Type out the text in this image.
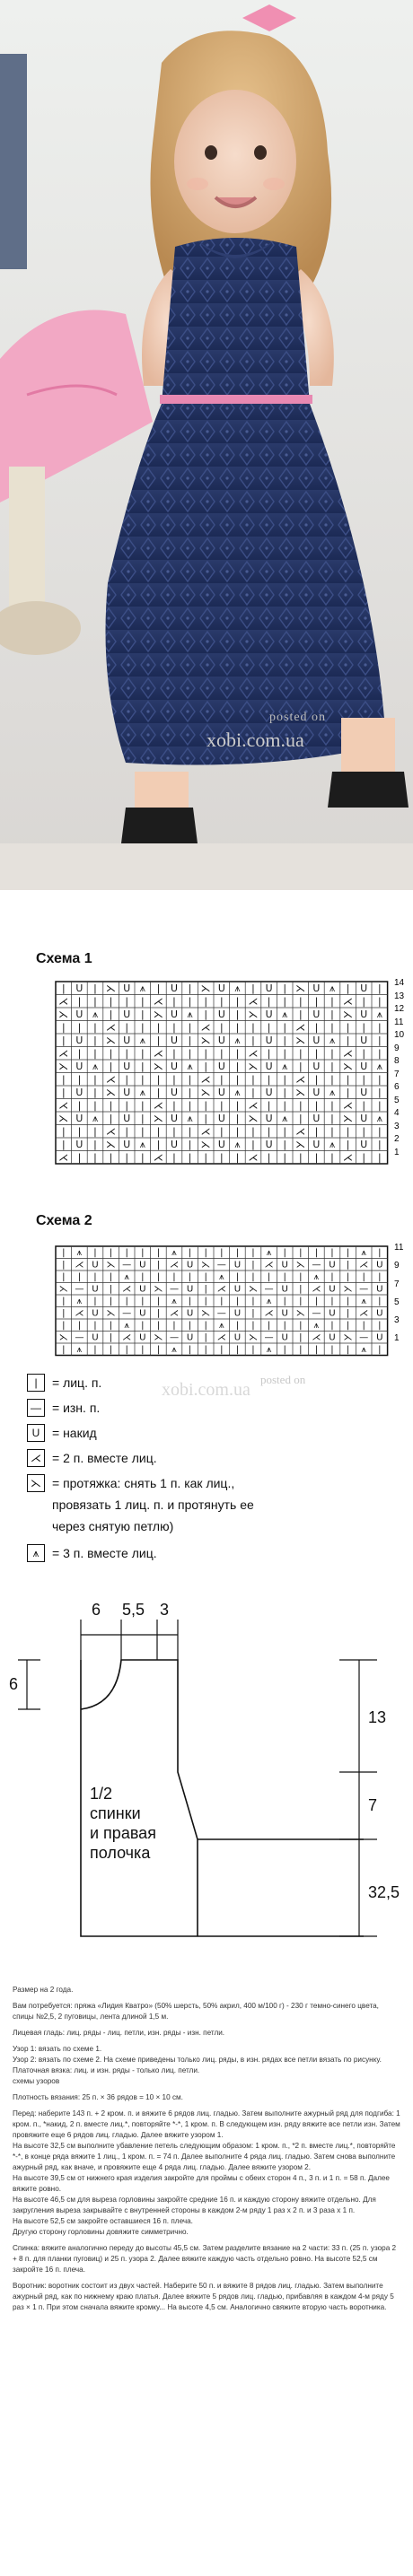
posted on
xobi.com.ua
Схема 1
| U | ⋋ U ⩚ | U | ⋋ U ⩚ | U | ⋋ U ⩚ | U |
⋌ | | | | | ⋌ | | | | | ⋌ | | | | | ⋌ | |
⋋ U ⩚ | U | ⋋ U ⩚ | U | ⋋ U ⩚ | U | ⋋ U ⩚
| | | ⋌ | | | | | ⋌ | | | | | ⋌ | | | | |
| U | ⋋ U ⩚ | U | ⋋ U ⩚ | U | ⋋ U ⩚ | U |
⋌ | | | | | ⋌ | | | | | ⋌ | | | | | ⋌ | |
⋋ U ⩚ | U | ⋋ U ⩚ | U | ⋋ U ⩚ | U | ⋋ U ⩚
| | | ⋌ | | | | | ⋌ | | | | | ⋌ | | | | |
| U | ⋋ U ⩚ | U | ⋋ U ⩚ | U | ⋋ U ⩚ | U |
⋌ | | | | | ⋌ | | | | | ⋌ | | | | | ⋌ | |
⋋ U ⩚ | U | ⋋ U ⩚ | U | ⋋ U ⩚ | U | ⋋ U ⩚
| | | ⋌ | | | | | ⋌ | | | | | ⋌ | | | | |
| U | ⋋ U ⩚ | U | ⋋ U ⩚ | U | ⋋ U ⩚ | U |
⋌ | | | | | ⋌ | | | | | ⋌ | | | | | ⋌ | |
14
13
12
11
10
9
8
7
6
5
4
3
2
1
Схема 2
| ⩚ | | | | | ⩚ | | | | | ⩚ | | | | | ⩚ |
| ⋌ U ⋋ — U | ⋌ U ⋋ — U | ⋌ U ⋋ — U | ⋌ U
| | | | ⩚ | | | | | ⩚ | | | | | ⩚ | | | |
⋋ — U | ⋌ U ⋋ — U | ⋌ U ⋋ — U | ⋌ U ⋋ — U
| ⩚ | | | | | ⩚ | | | | | ⩚ | | | | | ⩚ |
| ⋌ U ⋋ — U | ⋌ U ⋋ — U | ⋌ U ⋋ — U | ⋌ U
| | | | ⩚ | | | | | ⩚ | | | | | ⩚ | | | |
⋋ — U | ⋌ U ⋋ — U | ⋌ U ⋋ — U | ⋌ U ⋋ — U
| ⩚ | | | | | ⩚ | | | | | ⩚ | | | | | ⩚ |
11
9
7
5
3
1
|	= лиц. п.
— = изн. п.
U = накид
⋌ = 2 п. вместе лиц.
⋋ = протяжка: снять 1 п. как лиц.,
провязать 1 лиц. п. и протянуть ее
через снятую петлю)
⩚	= 3 п. вместе лиц.
posted on
xobi.com.ua
6 5,5 3
6
13
7
32,5
1/2
спинки
и правая
полочка

Размер на 2 года.

Вам потребуется: пряжа «Лидия Кватро» (50% шерсть, 50% акрил, 400 м/100 г) - 230 г темно-синего цвета, спицы №2,5, 2 пуговицы, лента длиной 1,5 м.

Лицевая гладь: лиц. ряды - лиц. петли, изн. ряды - изн. петли.

Узор 1: вязать по схеме 1.

Узор 2: вязать по схеме 2. На схеме приведены только лиц. ряды, в изн. рядах все петли вязать по рисунку.

Платочная вязка: лиц. и изн. ряды - только лиц. петли.

схемы узоров

Плотность вязания: 25 п. × 36 рядов = 10 × 10 см.

Перед: наберите 143 п. + 2 кром. п. и вяжите 6 рядов лиц. гладью. Затем выполните ажурный ряд для подгиба: 1 кром. п., *накид, 2 п. вместе лиц.*, повторяйте *-*, 1 кром. п. В следующем изн. ряду вяжите все петли изн. Затем провяжите еще 6 рядов лиц. гладью. Далее вяжите узором 1.

На высоте 32,5 см выполните убавление петель следующим образом: 1 кром. п., *2 п. вместе лиц.*, повторяйте *-*, в конце ряда вяжите 1 лиц., 1 кром. п. = 74 п. Далее выполните 4 ряда лиц. гладью. Затем снова выполните ажурный ряд, как вначе, и провяжите еще 4 ряда лиц. гладью. Далее вяжите узором 2.

На высоте 39,5 см от нижнего края изделия закройте для проймы с обеих сторон 4 п., 3 п. и 1 п. = 58 п. Далее вяжите ровно.

На высоте 46,5 см для выреза горловины закройте средние 16 п. и каждую сторону вяжите отдельно. Для закругления выреза закрывайте с внутренней стороны в каждом 2-м ряду 1 раз х 2 п. и 3 раза х 1 п.

На высоте 52,5 см закройте оставшиеся 16 п. плеча.

Другую сторону горловины довяжите симметрично.

Спинка: вяжите аналогично переду до высоты 45,5 см. Затем разделите вязание на 2 части: 33 п. (25 п. узора 2 + 8 п. для планки пуговиц) и 25 п. узора 2. Далее вяжите каждую часть отдельно ровно. На высоте 52,5 см закройте 16 п. плеча.

Воротник: воротник состоит из двух частей. Наберите 50 п. и вяжите 8 рядов лиц. гладью. Затем выполните ажурный ряд, как по нижнему краю платья. Далее вяжите 5 рядов лиц. гладью, прибавляя в каждом 4-м ряду 5 раз × 1 п. При этом сначала вяжите кромку... На высоте 4,5 см. Аналогично свяжите вторую часть воротника.
